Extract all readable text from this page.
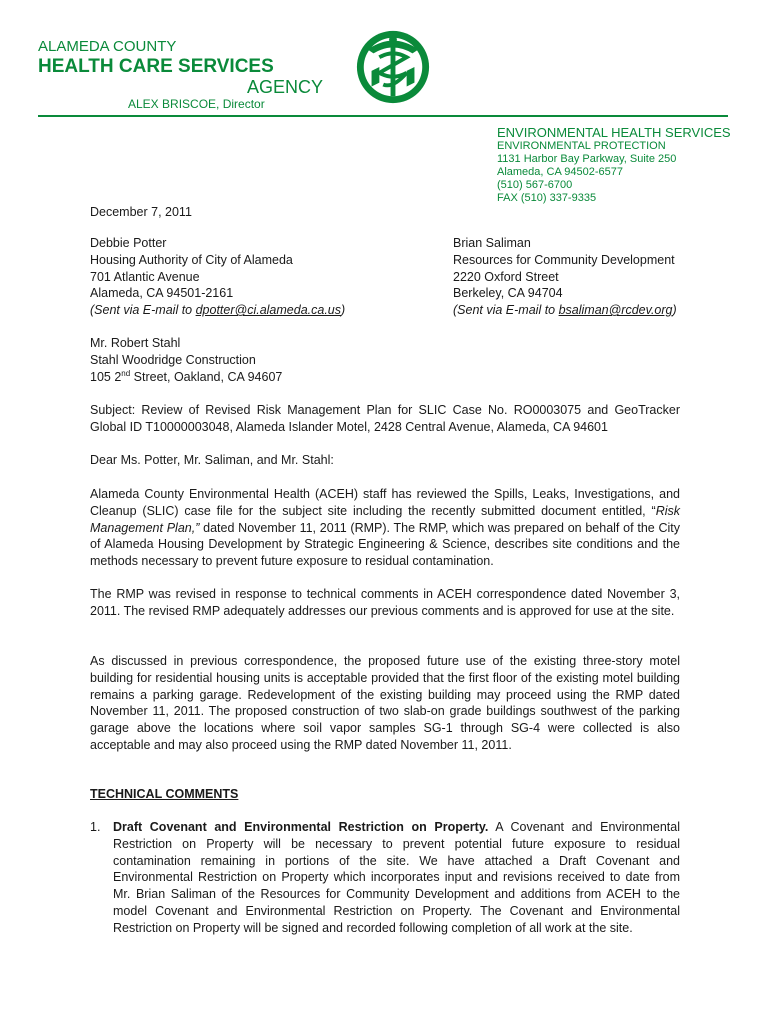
ALAMEDA COUNTY
HEALTH CARE SERVICES
AGENCY
ALEX BRISCOE, Director
ENVIRONMENTAL HEALTH SERVICES
ENVIRONMENTAL PROTECTION
1131 Harbor Bay Parkway, Suite 250
Alameda, CA 94502-6577
(510) 567-6700
FAX (510) 337-9335
December 7, 2011
Debbie Potter
Housing Authority of City of Alameda
701 Atlantic Avenue
Alameda, CA 94501-2161
(Sent via E-mail to dpotter@ci.alameda.ca.us)
Brian Saliman
Resources for Community Development
2220 Oxford Street
Berkeley, CA 94704
(Sent via E-mail to bsaliman@rcdev.org)
Mr. Robert Stahl
Stahl Woodridge Construction
105 2nd Street, Oakland, CA 94607
Subject: Review of Revised Risk Management Plan for SLIC Case No. RO0003075 and GeoTracker Global ID T10000003048, Alameda Islander Motel, 2428 Central Avenue, Alameda, CA 94601
Dear Ms. Potter, Mr. Saliman, and Mr. Stahl:
Alameda County Environmental Health (ACEH) staff has reviewed the Spills, Leaks, Investigations, and Cleanup (SLIC) case file for the subject site including the recently submitted document entitled, “Risk Management Plan,” dated November 11, 2011 (RMP). The RMP, which was prepared on behalf of the City of Alameda Housing Development by Strategic Engineering & Science, describes site conditions and the methods necessary to prevent future exposure to residual contamination.
The RMP was revised in response to technical comments in ACEH correspondence dated November 3, 2011. The revised RMP adequately addresses our previous comments and is approved for use at the site.
As discussed in previous correspondence, the proposed future use of the existing three-story motel building for residential housing units is acceptable provided that the first floor of the existing motel building remains a parking garage. Redevelopment of the existing building may proceed using the RMP dated November 11, 2011. The proposed construction of two slab-on grade buildings southwest of the parking garage above the locations where soil vapor samples SG-1 through SG-4 were collected is also acceptable and may also proceed using the RMP dated November 11, 2011.
TECHNICAL COMMENTS
1. Draft Covenant and Environmental Restriction on Property. A Covenant and Environmental Restriction on Property will be necessary to prevent potential future exposure to residual contamination remaining in portions of the site. We have attached a Draft Covenant and Environmental Restriction on Property which incorporates input and revisions received to date from Mr. Brian Saliman of the Resources for Community Development and additions from ACEH to the model Covenant and Environmental Restriction on Property. The Covenant and Environmental Restriction on Property will be signed and recorded following completion of all work at the site.
